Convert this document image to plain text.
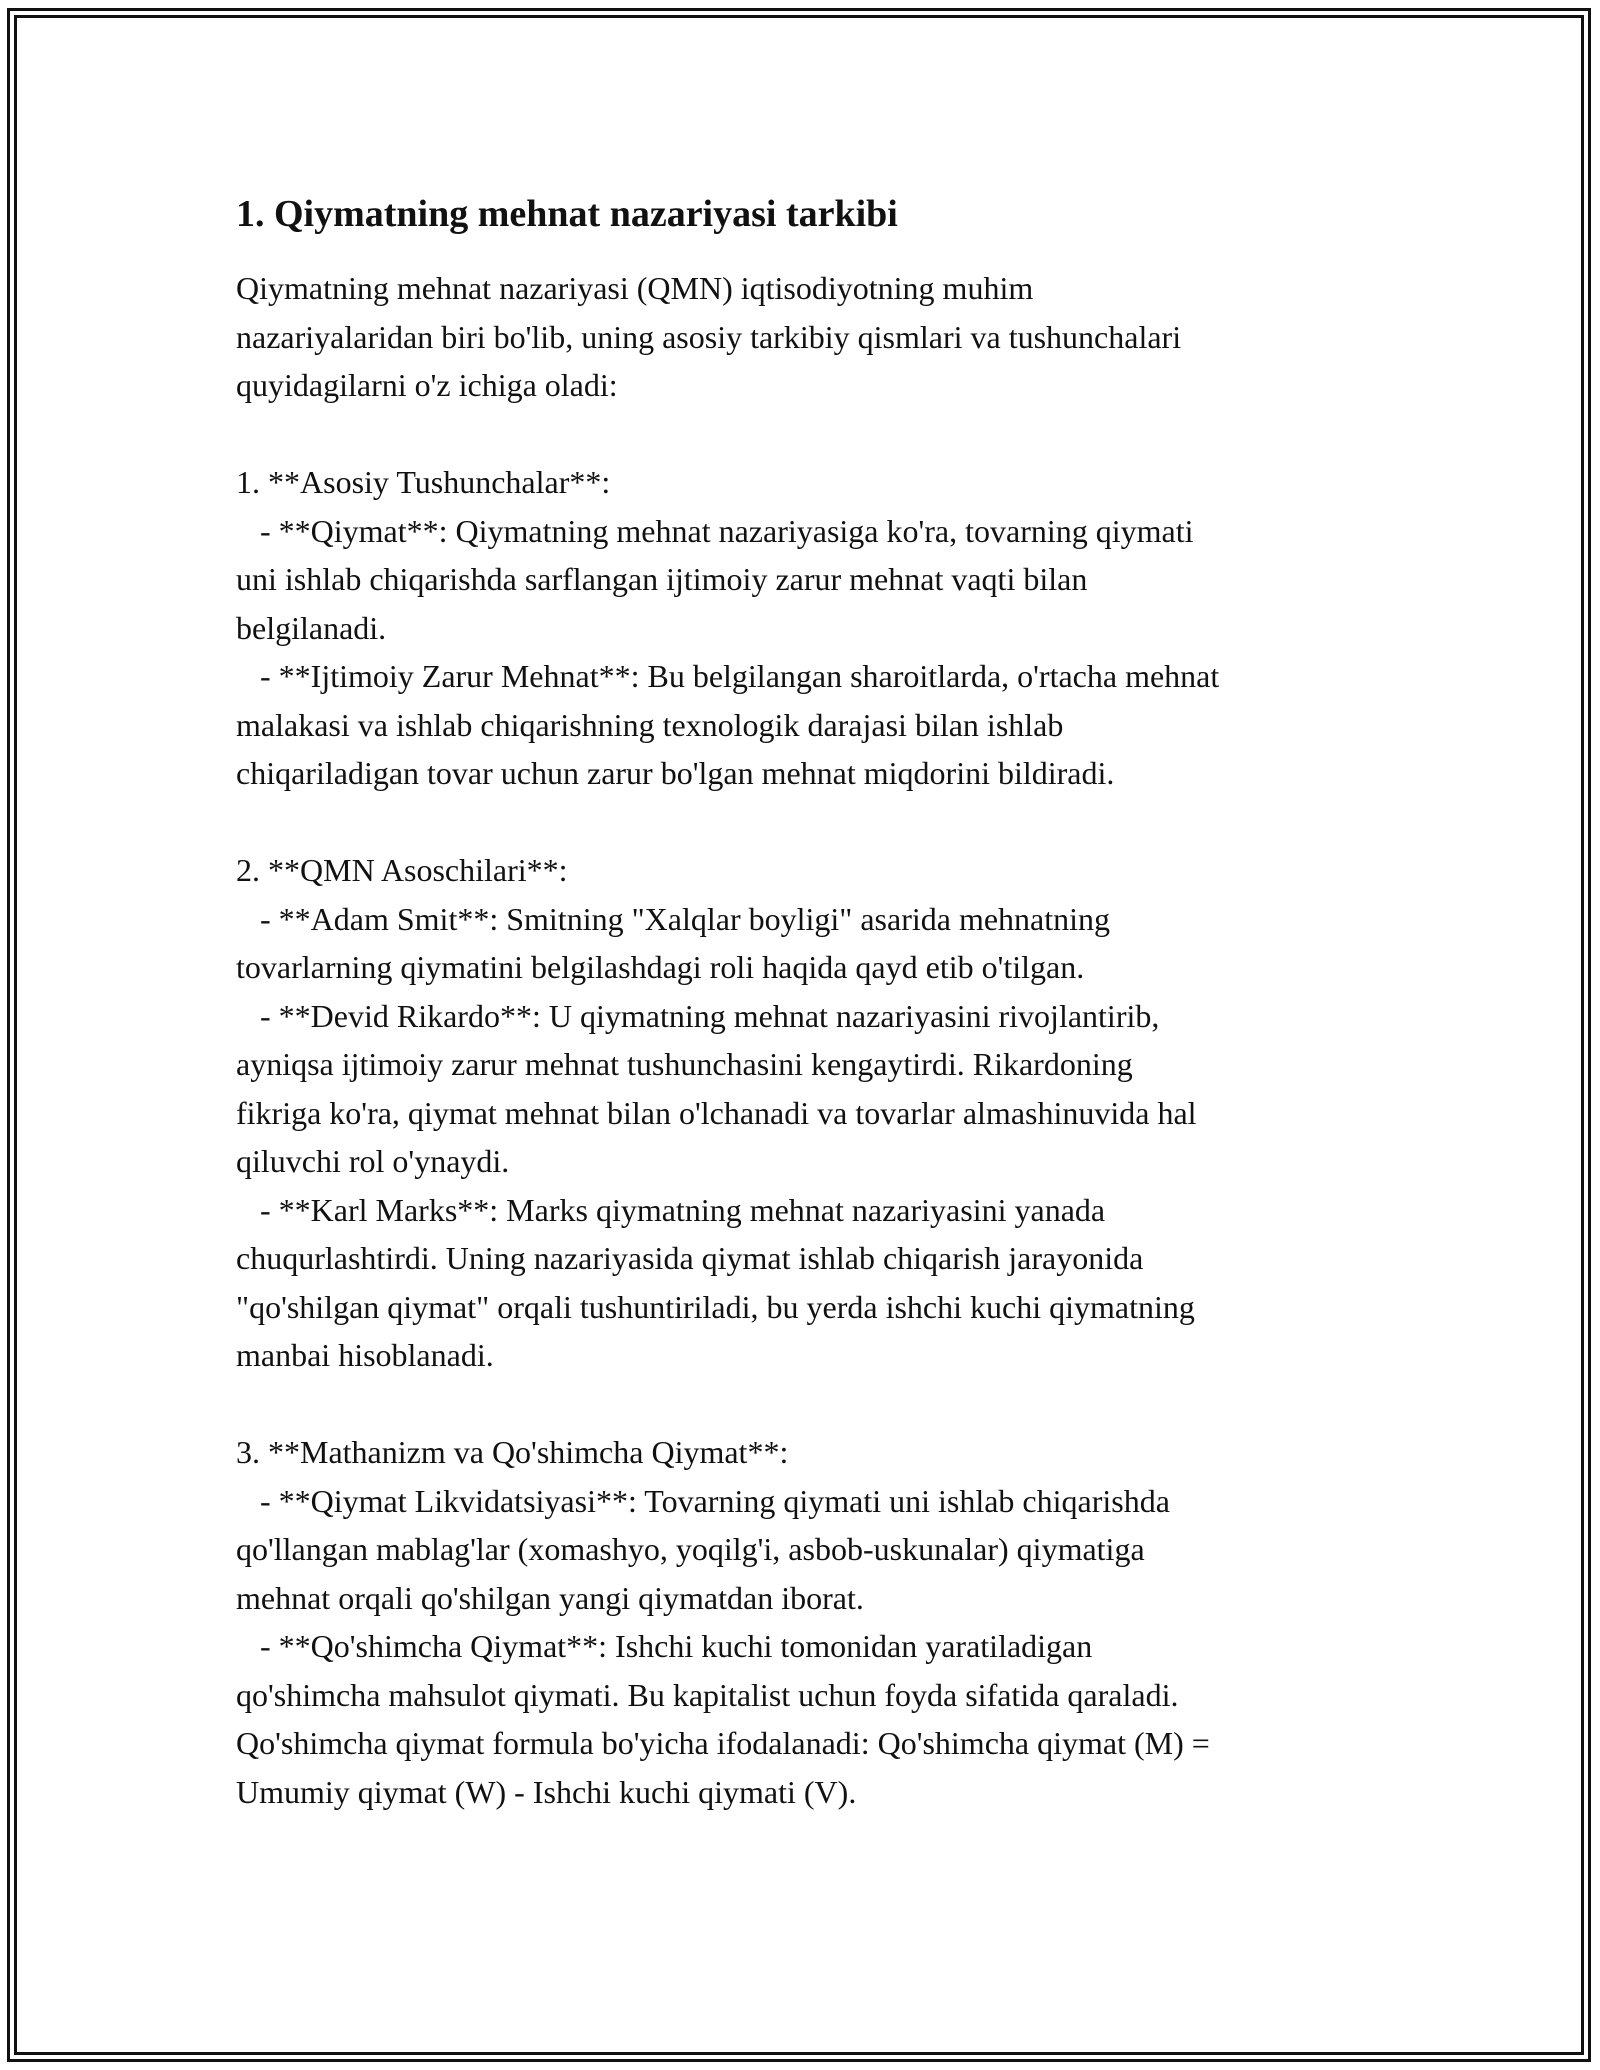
1. Qiymatning mehnat nazariyasi tarkibi

Qiymatning mehnat nazariyasi (QMN) iqtisodiyotning muhim
nazariyalaridan biri bo'lib, uning asosiy tarkibiy qismlari va tushunchalari
quyidagilarni o'z ichiga oladi:

1. **Asosiy Tushunchalar**:
- **Qiymat**: Qiymatning mehnat nazariyasiga ko'ra, tovarning qiymati
uni ishlab chiqarishda sarflangan ijtimoiy zarur mehnat vaqti bilan
belgilanadi.
- **Ijtimoiy Zarur Mehnat**: Bu belgilangan sharoitlarda, o'rtacha mehnat
malakasi va ishlab chiqarishning texnologik darajasi bilan ishlab
chiqariladigan tovar uchun zarur bo'lgan mehnat miqdorini bildiradi.

2. **QMN Asoschilari**:
- **Adam Smit**: Smitning "Xalqlar boyligi" asarida mehnatning
tovarlarning qiymatini belgilashdagi roli haqida qayd etib o'tilgan.
- **Devid Rikardo**: U qiymatning mehnat nazariyasini rivojlantirib,
ayniqsa ijtimoiy zarur mehnat tushunchasini kengaytirdi. Rikardoning
fikriga ko'ra, qiymat mehnat bilan o'lchanadi va tovarlar almashinuvida hal
qiluvchi rol o'ynaydi.
- **Karl Marks**: Marks qiymatning mehnat nazariyasini yanada
chuqurlashtirdi. Uning nazariyasida qiymat ishlab chiqarish jarayonida
"qo'shilgan qiymat" orqali tushuntiriladi, bu yerda ishchi kuchi qiymatning
manbai hisoblanadi.

3. **Mathanizm va Qo'shimcha Qiymat**:
- **Qiymat Likvidatsiyasi**: Tovarning qiymati uni ishlab chiqarishda
qo'llangan mablag'lar (xomashyo, yoqilg'i, asbob-uskunalar) qiymatiga
mehnat orqali qo'shilgan yangi qiymatdan iborat.
- **Qo'shimcha Qiymat**: Ishchi kuchi tomonidan yaratiladigan
qo'shimcha mahsulot qiymati. Bu kapitalist uchun foyda sifatida qaraladi.
Qo'shimcha qiymat formula bo'yicha ifodalanadi: Qo'shimcha qiymat (M) =
Umumiy qiymat (W) - Ishchi kuchi qiymati (V).
